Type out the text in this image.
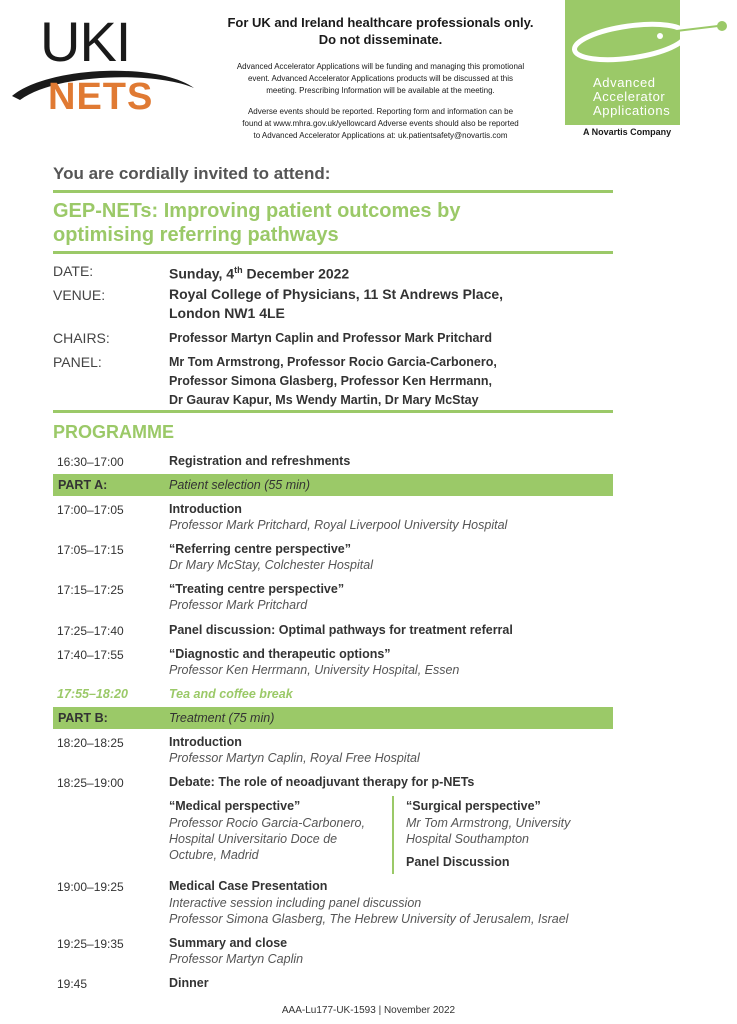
UKI
NETS
For UK and Ireland healthcare professionals only.
Do not disseminate.
Advanced Accelerator Applications will be funding and managing this promotional
event. Advanced Accelerator Applications products will be discussed at this
meeting. Prescribing Information will be available at the meeting.
Adverse events should be reported. Reporting form and information can be
found at www.mhra.gov.uk/yellowcard Adverse events should also be reported
to Advanced Accelerator Applications at: uk.patientsafety@novartis.com
Advanced
Accelerator
Applications
A Novartis Company
You are cordially invited to attend:
GEP-NETs: Improving patient outcomes by
optimising referring pathways
DATE:	Sunday, 4th December 2022
VENUE:	Royal College of Physicians, 11 St Andrews Place,
London NW1 4LE
CHAIRS:	Professor Martyn Caplin and Professor Mark Pritchard
PANEL:	Mr Tom Armstrong, Professor Rocio Garcia-Carbonero,
Professor Simona Glasberg, Professor Ken Herrmann,
Dr Gaurav Kapur, Ms Wendy Martin, Dr Mary McStay
PROGRAMME
16:30–17:00	Registration and refreshments
PART A:	Patient selection (55 min)
17:00–17:05	Introduction
Professor Mark Pritchard, Royal Liverpool University Hospital
17:05–17:15	“Referring centre perspective”
Dr Mary McStay, Colchester Hospital
17:15–17:25	“Treating centre perspective”
Professor Mark Pritchard
17:25–17:40	Panel discussion: Optimal pathways for treatment referral
17:40–17:55	“Diagnostic and therapeutic options”
Professor Ken Herrmann, University Hospital, Essen
17:55–18:20	Tea and coffee break
PART B:	Treatment (75 min)
18:20–18:25	Introduction
Professor Martyn Caplin, Royal Free Hospital
18:25–19:00	Debate: The role of neoadjuvant therapy for p-NETs
“Medical perspective”
Professor Rocio Garcia-Carbonero,
Hospital Universitario Doce de
Octubre, Madrid
“Surgical perspective”
Mr Tom Armstrong, University
Hospital Southampton
Panel Discussion
19:00–19:25	Medical Case Presentation
Interactive session including panel discussion
Professor Simona Glasberg, The Hebrew University of Jerusalem, Israel
19:25–19:35	Summary and close
Professor Martyn Caplin
19:45	Dinner
AAA-Lu177-UK-1593 | November 2022
